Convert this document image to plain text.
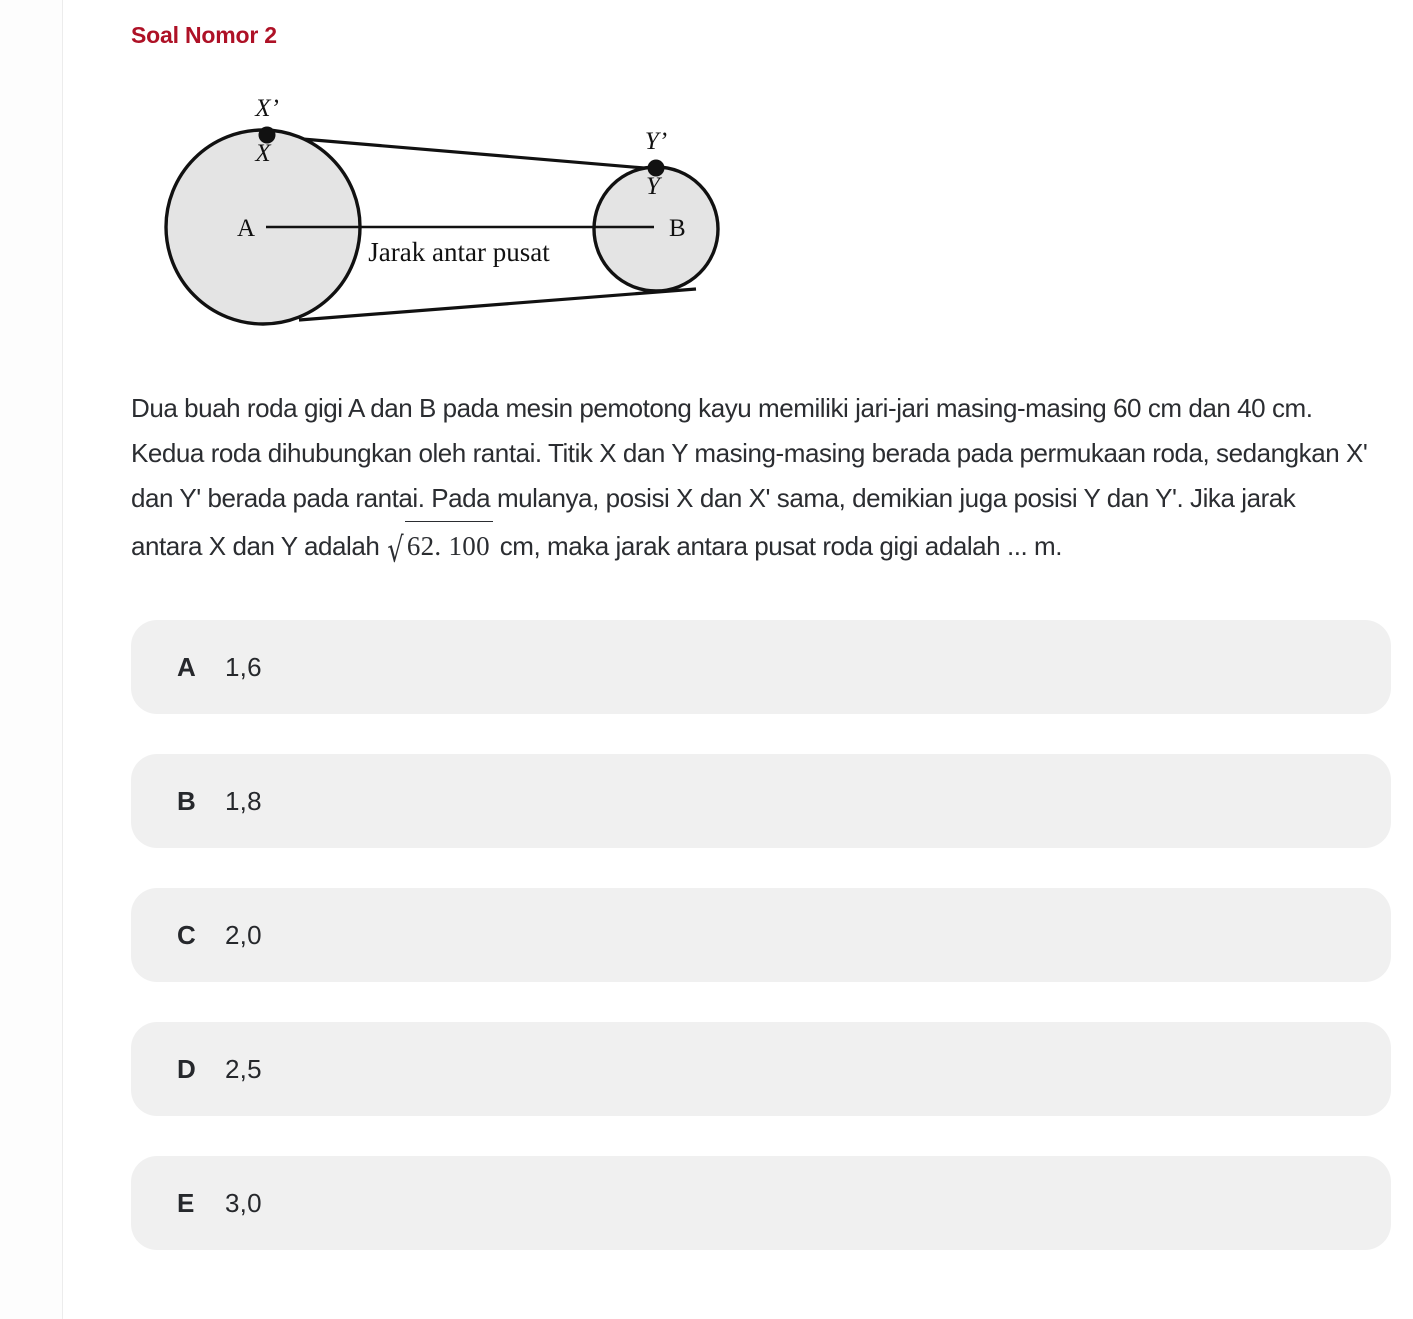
Soal Nomor 2
A	B
Jarak antar pusat
X’
X	Y’
Y
Dua buah roda gigi A dan B pada mesin pemotong kayu memiliki jari-jari masing-masing 60 cm dan 40 cm. Kedua roda dihubungkan oleh rantai. Titik X dan Y masing-masing berada pada permukaan roda, sedangkan X' dan Y' berada pada rantai. Pada mulanya, posisi X dan X' sama, demikian juga posisi Y dan Y'. Jika jarak antara X dan Y adalah √ 62. 100 cm, maka jarak antara pusat roda gigi adalah ... m.
A	1,6
B	1,8
C	2,0
D	2,5
E	3,0
